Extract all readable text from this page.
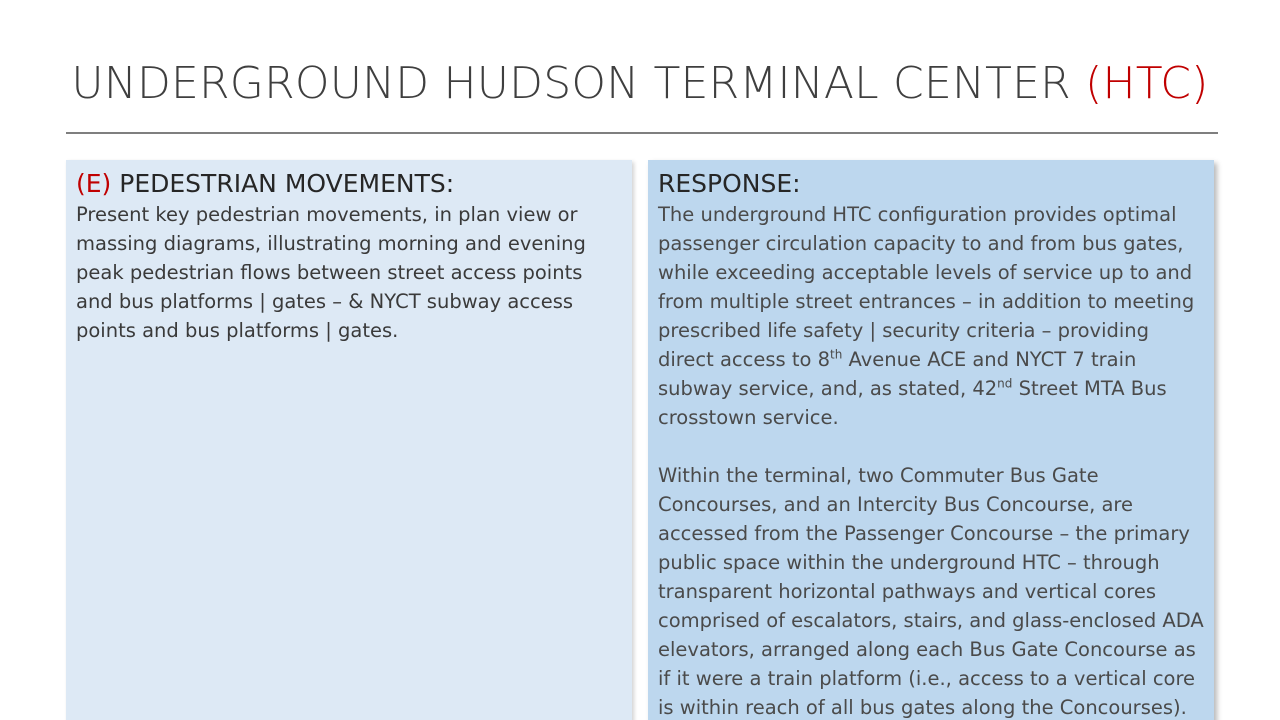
UNDERGROUND HUDSON TERMINAL CENTER (HTC)

(E) PEDESTRIAN MOVEMENTS:

Present key pedestrian movements, in plan view or massing diagrams, illustrating morning and evening peak pedestrian flows between street access points and bus platforms | gates – & NYCT subway access points and bus platforms | gates.

RESPONSE:

The underground HTC configuration provides optimal passenger circulation capacity to and from bus gates, while exceeding acceptable levels of service up to and from multiple street entrances – in addition to meeting prescribed life safety | security criteria – providing direct access to 8th Avenue ACE and NYCT 7 train subway service, and, as stated, 42nd Street MTA Bus crosstown service.

Within the terminal, two Commuter Bus Gate Concourses, and an Intercity Bus Concourse, are accessed from the Passenger Concourse – the primary public space within the underground HTC – through transparent horizontal pathways and vertical cores comprised of escalators, stairs, and glass-enclosed ADA elevators, arranged along each Bus Gate Concourse as if it were a train platform (i.e., access to a vertical core is within reach of all bus gates along the Concourses).
